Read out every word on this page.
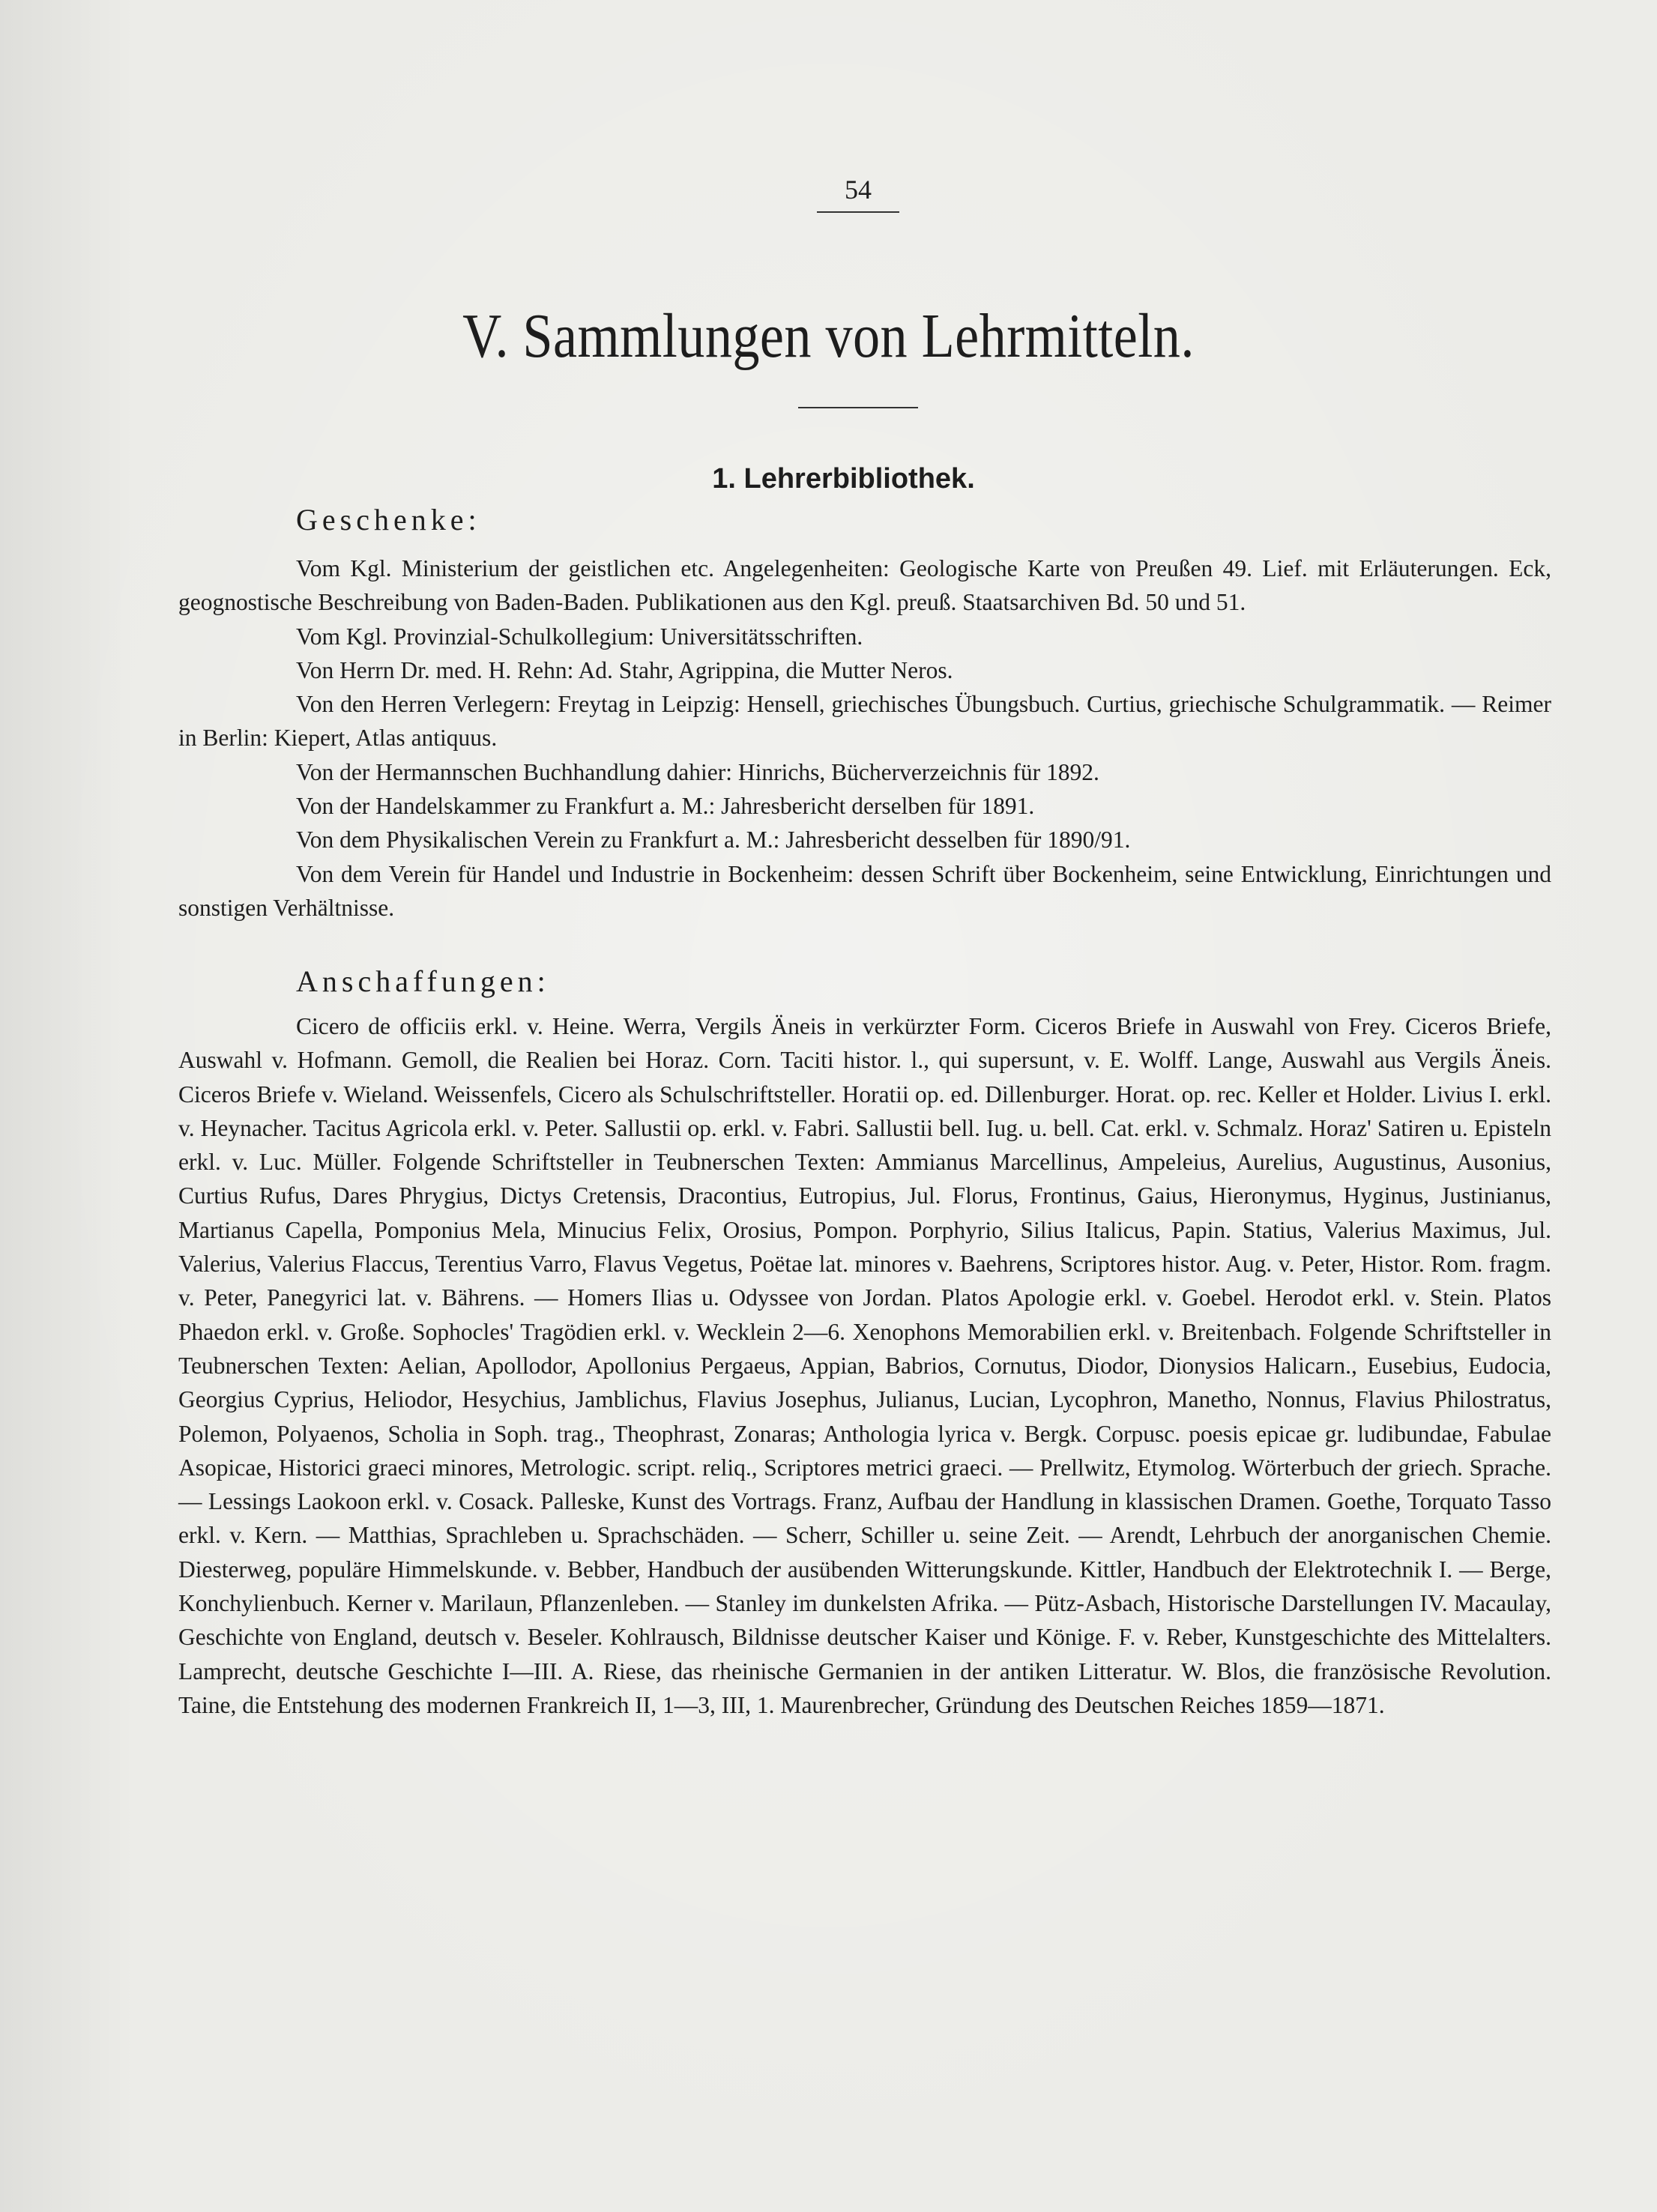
54
V. Sammlungen von Lehrmitteln.
1. Lehrerbibliothek.
Geschenke:

Vom Kgl. Ministerium der geistlichen etc. Angelegenheiten: Geologische Karte von Preußen 49. Lief. mit Erläuterungen. Eck, geognostische Beschreibung von Baden-Baden. Publikationen aus den Kgl. preuß. Staatsarchiven Bd. 50 und 51.

Vom Kgl. Provinzial-Schulkollegium: Universitätsschriften.

Von Herrn Dr. med. H. Rehn: Ad. Stahr, Agrippina, die Mutter Neros.

Von den Herren Verlegern: Freytag in Leipzig: Hensell, griechisches Übungsbuch. Curtius, griechische Schulgrammatik. — Reimer in Berlin: Kiepert, Atlas antiquus.

Von der Hermannschen Buchhandlung dahier: Hinrichs, Bücherverzeichnis für 1892.

Von der Handelskammer zu Frankfurt a. M.: Jahresbericht derselben für 1891.

Von dem Physikalischen Verein zu Frankfurt a. M.: Jahresbericht desselben für 1890/91.

Von dem Verein für Handel und Industrie in Bockenheim: dessen Schrift über Bockenheim, seine Entwicklung, Einrichtungen und sonstigen Verhältnisse.

Anschaffungen:

Cicero de officiis erkl. v. Heine. Werra, Vergils Äneis in verkürzter Form. Ciceros Briefe in Auswahl von Frey. Ciceros Briefe, Auswahl v. Hofmann. Gemoll, die Realien bei Horaz. Corn. Taciti histor. l., qui supersunt, v. E. Wolff. Lange, Auswahl aus Vergils Äneis. Ciceros Briefe v. Wieland. Weissenfels, Cicero als Schulschriftsteller. Horatii op. ed. Dillenburger. Horat. op. rec. Keller et Holder. Livius I. erkl. v. Heynacher. Tacitus Agricola erkl. v. Peter. Sallustii op. erkl. v. Fabri. Sallustii bell. Iug. u. bell. Cat. erkl. v. Schmalz. Horaz' Satiren u. Episteln erkl. v. Luc. Müller. Folgende Schriftsteller in Teubnerschen Texten: Ammianus Marcellinus, Ampeleius, Aurelius, Augustinus, Ausonius, Curtius Rufus, Dares Phrygius, Dictys Cretensis, Dracontius, Eutropius, Jul. Florus, Frontinus, Gaius, Hieronymus, Hyginus, Justinianus, Martianus Capella, Pomponius Mela, Minucius Felix, Orosius, Pompon. Porphyrio, Silius Italicus, Papin. Statius, Valerius Maximus, Jul. Valerius, Valerius Flaccus, Terentius Varro, Flavus Vegetus, Poëtae lat. minores v. Baehrens, Scriptores histor. Aug. v. Peter, Histor. Rom. fragm. v. Peter, Panegyrici lat. v. Bährens. — Homers Ilias u. Odyssee von Jordan. Platos Apologie erkl. v. Goebel. Herodot erkl. v. Stein. Platos Phaedon erkl. v. Große. Sophocles' Tragödien erkl. v. Wecklein 2—6. Xenophons Memorabilien erkl. v. Breitenbach. Folgende Schriftsteller in Teubnerschen Texten: Aelian, Apollodor, Apollonius Pergaeus, Appian, Babrios, Cornutus, Diodor, Dionysios Halicarn., Eusebius, Eudocia, Georgius Cyprius, Heliodor, Hesychius, Jamblichus, Flavius Josephus, Julianus, Lucian, Lycophron, Manetho, Nonnus, Flavius Philostratus, Polemon, Polyaenos, Scholia in Soph. trag., Theophrast, Zonaras; Anthologia lyrica v. Bergk. Corpusc. poesis epicae gr. ludibundae, Fabulae Asopicae, Historici graeci minores, Metrologic. script. reliq., Scriptores metrici graeci. — Prellwitz, Etymolog. Wörterbuch der griech. Sprache. — Lessings Laokoon erkl. v. Cosack. Palleske, Kunst des Vortrags. Franz, Aufbau der Handlung in klassischen Dramen. Goethe, Torquato Tasso erkl. v. Kern. — Matthias, Sprachleben u. Sprachschäden. — Scherr, Schiller u. seine Zeit. — Arendt, Lehrbuch der anorganischen Chemie. Diesterweg, populäre Himmelskunde. v. Bebber, Handbuch der ausübenden Witterungskunde. Kittler, Handbuch der Elektrotechnik I. — Berge, Konchylienbuch. Kerner v. Marilaun, Pflanzenleben. — Stanley im dunkelsten Afrika. — Pütz-Asbach, Historische Darstellungen IV. Macaulay, Geschichte von England, deutsch v. Beseler. Kohlrausch, Bildnisse deutscher Kaiser und Könige. F. v. Reber, Kunstgeschichte des Mittelalters. Lamprecht, deutsche Geschichte I—III. A. Riese, das rheinische Germanien in der antiken Litteratur. W. Blos, die französische Revolution. Taine, die Entstehung des modernen Frankreich II, 1—3, III, 1. Maurenbrecher, Gründung des Deutschen Reiches 1859—1871.
